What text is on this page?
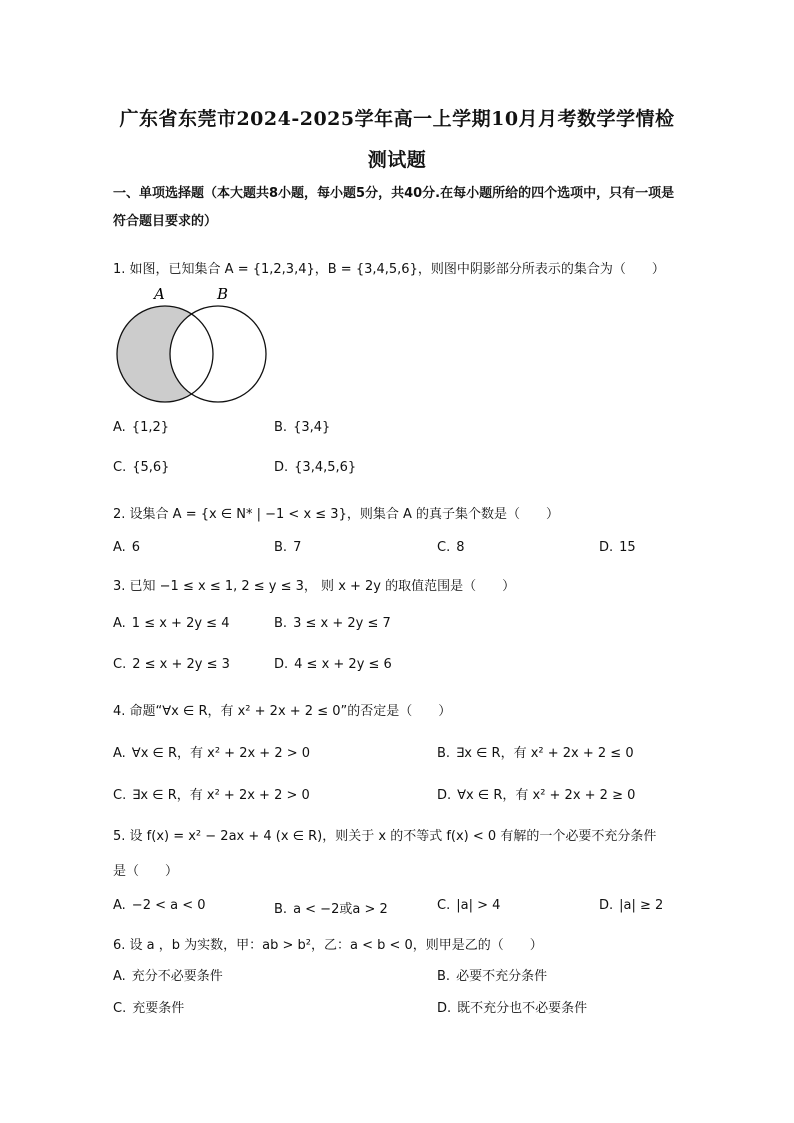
广东省东莞市2024-2025学年高一上学期10月月考数学学情检
测试题
一、单项选择题（本大题共8小题，每小题5分，共40分.在每小题所给的四个选项中，只有一项是符合题目要求的）
1. 如图，已知集合 A = {1,2,3,4}，B = {3,4,5,6}，则图中阴影部分所表示的集合为（　　）
A	B
A. {1,2}	B. {3,4}
C. {5,6}	D. {3,4,5,6}
2. 设集合 A = {x ∈ N* | −1 < x ≤ 3}，则集合 A 的真子集个数是（　　）
A. 6	B. 7	C. 8	D. 15
3. 已知 −1 ≤ x ≤ 1, 2 ≤ y ≤ 3， 则 x + 2y 的取值范围是（　　）
A. 1 ≤ x + 2y ≤ 4	B. 3 ≤ x + 2y ≤ 7
C. 2 ≤ x + 2y ≤ 3	D. 4 ≤ x + 2y ≤ 6
4. 命题“∀x ∈ R，有 x² + 2x + 2 ≤ 0”的否定是（　　）
A. ∀x ∈ R，有 x² + 2x + 2 > 0	B. ∃x ∈ R，有 x² + 2x + 2 ≤ 0
C. ∃x ∈ R，有 x² + 2x + 2 > 0	D. ∀x ∈ R，有 x² + 2x + 2 ≥ 0
5. 设 f(x) = x² − 2ax + 4 (x ∈ R)，则关于 x 的不等式 f(x) < 0 有解的一个必要不充分条件
是（　　）
A. −2 < a < 0	B. a < −2或a > 2	C. |a| > 4	D. |a| ≥ 2
6. 设 a ，b 为实数，甲：ab > b²，乙：a < b < 0，则甲是乙的（　　）
A. 充分不必要条件	B. 必要不充分条件
C. 充要条件	D. 既不充分也不必要条件
